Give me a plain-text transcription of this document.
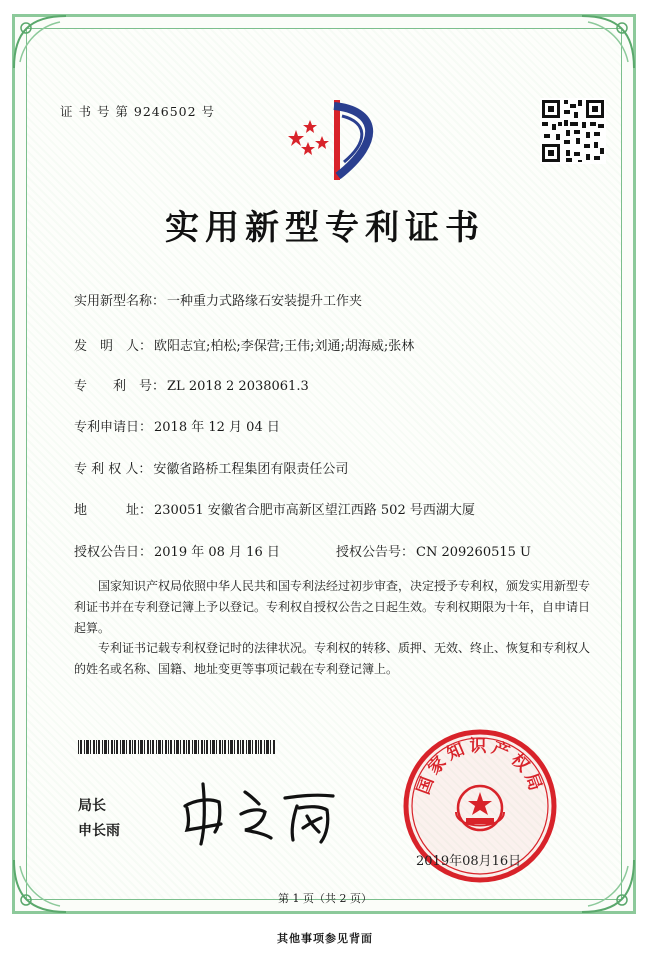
证 书 号 第 9246502 号
实用新型专利证书
实用新型名称： 一种重力式路缘石安装提升工作夹
发　明　人： 欧阳志宜;柏松;李保营;王伟;刘通;胡海威;张林
专　　利　号： ZL 2018 2 2038061.3
专利申请日： 2018 年 12 月 04 日
专 利 权 人： 安徽省路桥工程集团有限责任公司
地　　　址： 230051 安徽省合肥市高新区望江西路 502 号西湖大厦
授权公告日： 2019 年 08 月 16 日	授权公告号： CN 209260515 U
国家知识产权局依照中华人民共和国专利法经过初步审查，决定授予专利权，颁发实用新型专利证书并在专利登记簿上予以登记。专利权自授权公告之日起生效。专利权期限为十年，自申请日起算。
专利证书记载专利权登记时的法律状况。专利权的转移、质押、无效、终止、恢复和专利权人的姓名或名称、国籍、地址变更等事项记载在专利登记簿上。
局长
申长雨
国家知识产权局
2019年08月16日
第 1 页（共 2 页）
其他事项参见背面
